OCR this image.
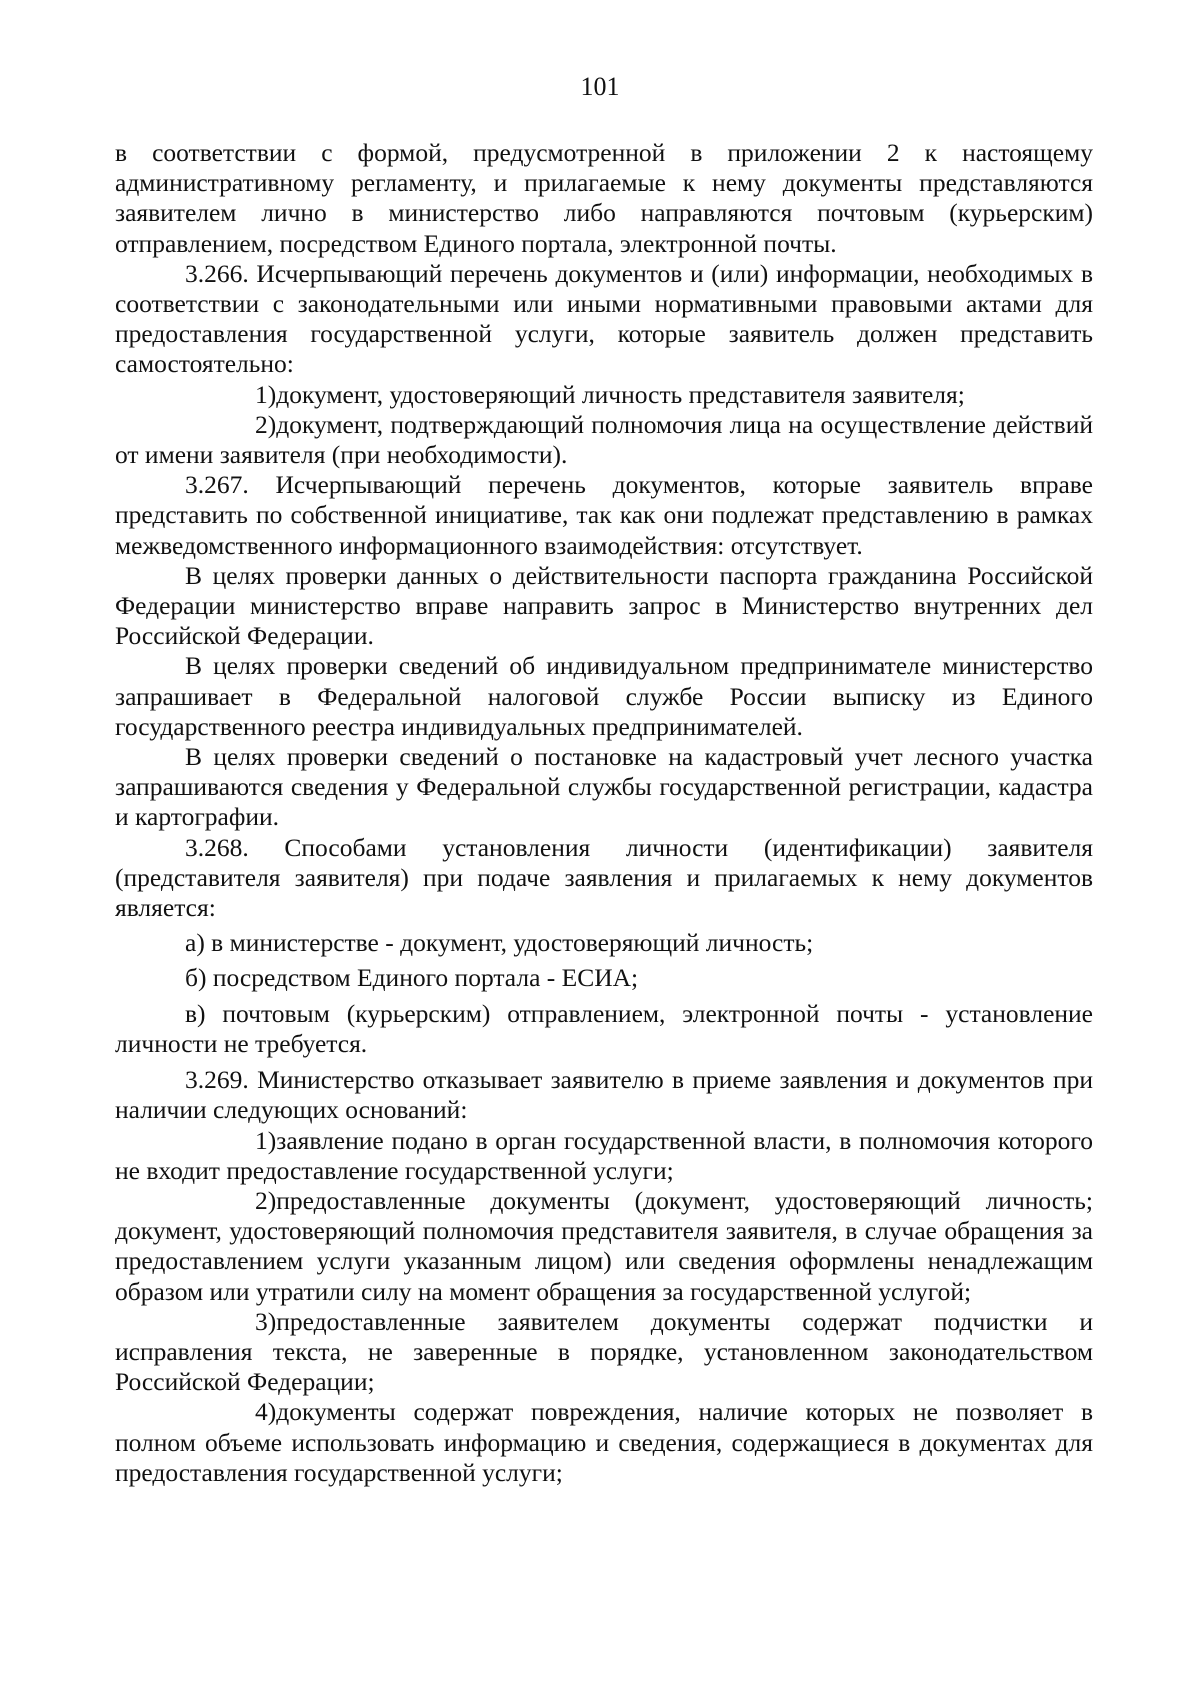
101

в соответствии с формой, предусмотренной в приложении 2 к настоящему административному регламенту, и прилагаемые к нему документы представляются заявителем лично в министерство либо направляются почтовым (курьерским) отправлением, посредством Единого портала, электронной почты.

3.266. Исчерпывающий перечень документов и (или) информации, необходимых в соответствии с законодательными или иными нормативными правовыми актами для предоставления государственной услуги, которые заявитель должен представить самостоятельно:

1)документ, удостоверяющий личность представителя заявителя;

2)документ, подтверждающий полномочия лица на осуществление действий от имени заявителя (при необходимости).

3.267. Исчерпывающий перечень документов, которые заявитель вправе представить по собственной инициативе, так как они подлежат представлению в рамках межведомственного информационного взаимодействия: отсутствует.

В целях проверки данных о действительности паспорта гражданина Российской Федерации министерство вправе направить запрос в Министерство внутренних дел Российской Федерации.

В целях проверки сведений об индивидуальном предпринимателе министерство запрашивает в Федеральной налоговой службе России выписку из Единого государственного реестра индивидуальных предпринимателей.

В целях проверки сведений о постановке на кадастровый учет лесного участка запрашиваются сведения у Федеральной службы государственной регистрации, кадастра и картографии.

3.268. Способами установления личности (идентификации) заявителя (представителя заявителя) при подаче заявления и прилагаемых к нему документов является:

а) в министерстве - документ, удостоверяющий личность;

б) посредством Единого портала - ЕСИА;

в) почтовым (курьерским) отправлением, электронной почты - установление личности не требуется.

3.269. Министерство отказывает заявителю в приеме заявления и документов при наличии следующих оснований:

1)заявление подано в орган государственной власти, в полномочия которого не входит предоставление государственной услуги;

2)предоставленные документы (документ, удостоверяющий личность; документ, удостоверяющий полномочия представителя заявителя, в случае обращения за предоставлением услуги указанным лицом) или сведения оформлены ненадлежащим образом или утратили силу на момент обращения за государственной услугой;

3)предоставленные заявителем документы содержат подчистки и исправления текста, не заверенные в порядке, установленном законодательством Российской Федерации;

4)документы содержат повреждения, наличие которых не позволяет в полном объеме использовать информацию и сведения, содержащиеся в документах для предоставления государственной услуги;
